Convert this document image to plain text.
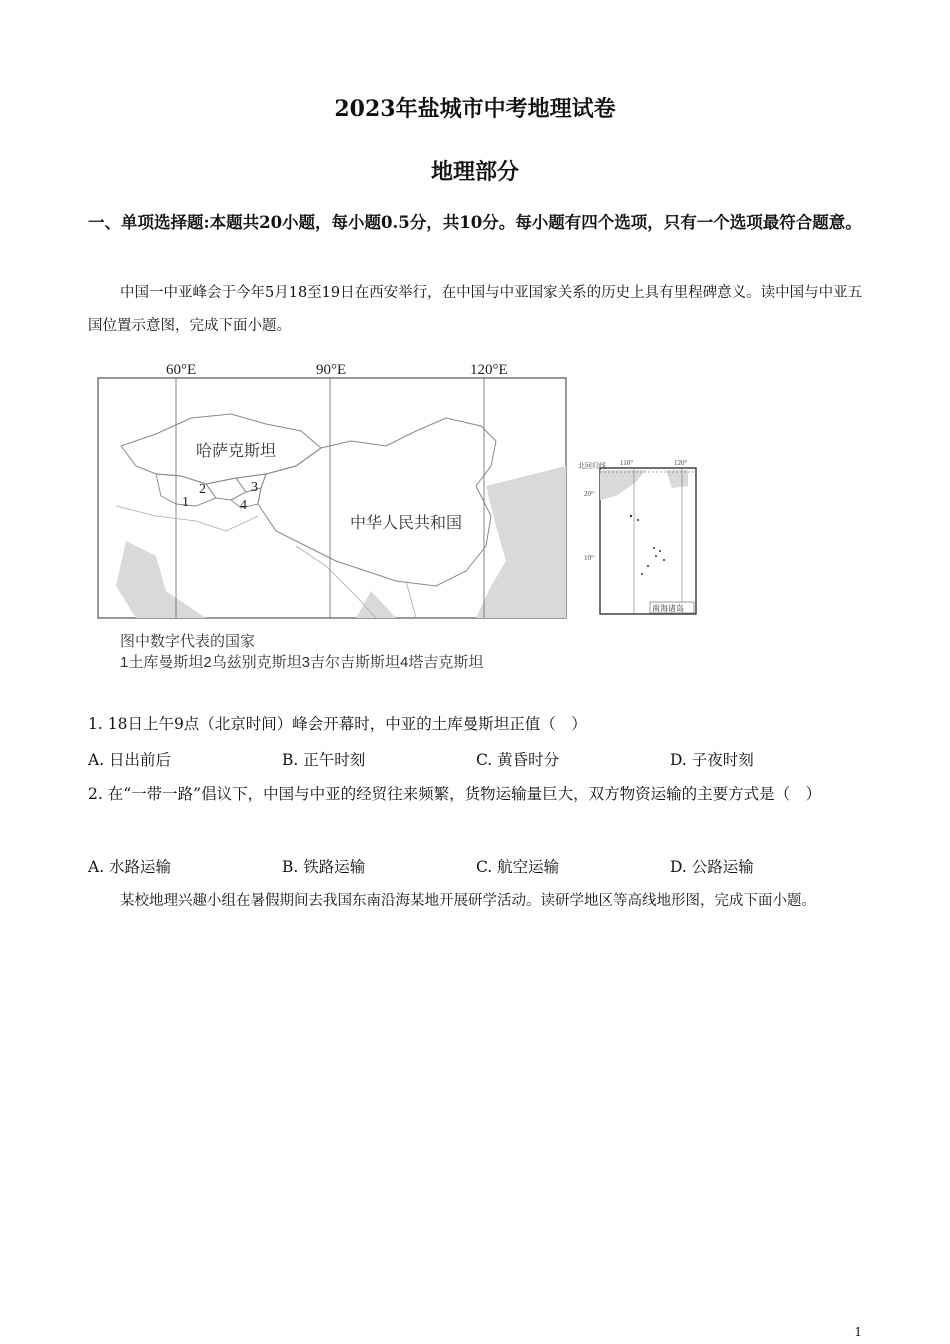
2023年盐城市中考地理试卷
地理部分
一、单项选择题:本题共20小题，每小题0.5分，共10分。每小题有四个选项，只有一个选项最符合题意。
中国一中亚峰会于今年5月18至19日在西安举行，在中国与中亚国家关系的历史上具有里程碑意义。读中国与中亚五国位置示意图，完成下面小题。
60°E	90°E	120°E
哈萨克斯坦
中华人民共和国
1
2	3
4
北回归线 110°	120°
20°
10°
南海诸岛
图中数字代表的国家
1土库曼斯坦2乌兹别克斯坦3吉尔吉斯斯坦4塔吉克斯坦
1. 18日上午9点（北京时间）峰会开幕时，中亚的土库曼斯坦正值（　）
A. 日出前后	B. 正午时刻	C. 黄昏时分	D. 子夜时刻
2. 在“一带一路”倡议下，中国与中亚的经贸往来频繁，货物运输量巨大，双方物资运输的主要方式是（　）
A. 水路运输	B. 铁路运输	C. 航空运输	D. 公路运输
某校地理兴趣小组在暑假期间去我国东南沿海某地开展研学活动。读研学地区等高线地形图，完成下面小题。
1
